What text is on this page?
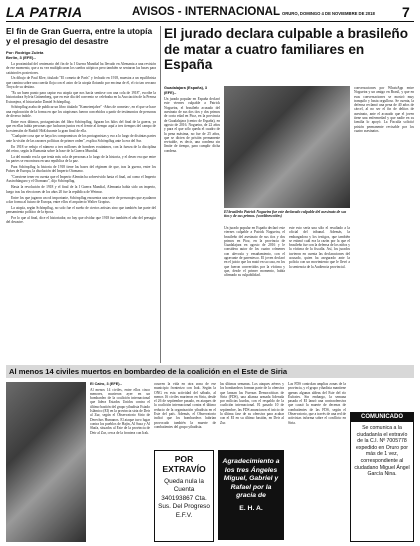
LA PATRIA	AVISOS - INTERNACIONAL ORURO, DOMINGO 4 DE NOVIEMBRE DE 2018 7
El fin de Gran Guerra, entre la utopía y el presagio del desastre
Por: Rodrigo Zuleta
Berlín, 3 (EFE).-

La proximidad del centenario del fin de la I Guerra Mundial ha llevado en Alemania a una revisión de ese momento, que a su vez multiplicaron los sueños utópicos pero también se sentaron las bases para catástrofes posteriores.

Un dibujo de Paul Klee, titulado "El cometa de París" y fechado en 1918, muestra a un equilibrista que camina sobre una cuerda floja con el astro de la utopía flotando por encima de él, el rio tan cercano Troya de su destino.

"Es un buen punto para captar esa utopía que nos hacía sentirse con una cola de 1918", escribe la historiadora Sylvia Grünenberg, que en este día del convento se celebraba en la Asociación de la Prensa Extranjera, el historiador Daniel Schönpflug.

Schönpflug acaba de publicar un libro titulado "Kometenjahre" -Años de cometas-, en el que se hace una exploración de la forma en que los utopismos fueron concebidos a partir de testimonios de personas de diverso índole.

Entre esos últimos, protagonistas del libro Schönpflug, figuran los hilos del final de la guerra, ya que en ellas había personas que lucharon juntos en el frente al tiempo aquí a tres tiempos del campo de la extensión de Rudolf Höß durante la gran final de ella.

"Cualquier cosa que se haya los compromisos de los protagonistas y eso a lo largo de distintas partes ante la visión de las razones políticas de primer orden", explica Schönpflug ante la era del Sur.

En 1918 se redujo el número a tres millones de hombres ecuánimes, con la fuerza de la disciplina del reino, según la Rumania sobre la base de la Guerra Mundial.

La del mundo era la que tenía más cola de personas a lo largo de la historia, y el deseo era que entre las partes se encontrara en una república de la paz.

Para Schönpflug la historia de 1918 tiene las bases del régimen de que, tras la guerra, entre los Países de Europa, la disolución del Imperio Otomano.

"Conviene tener en cuenta que el Imperio Alemán ha sobrevivido hasta el final, así como el Imperio Austrohúngaro y el Otomano", dijo Schönpflug.

Hasta la revolución de 1918 y el final de la I Guerra Mundial, Alemania había sido un imperio, luego tras las elecciones de los años 20 fue la república de Weimar.

Entre los que jugaron un rol importante, Schönpflug encuentra una serie de personajes que ayudaron a dar forma al futuro de Europa, entre ellos el arquitecto Walter Gropius.

La utopía, según Schönpflug, no solo fue el sueño de ciertos artistas sino que también fue parte del pensamiento político de la época.

Por lo que al final, dice el historiador, no hay que olvidar que 1918 fue también el año del presagio del desastre.

El jurado declara culpable a brasileño de matar a cuatro familiares en España
Guadalajara (España), 3 (EFE).-
Un jurado popular en España declaró este viernes culpable a Patrick Nogueira, el brasileño acusado del asesinato de sus dos tíos y dos primos de corta edad en Pioz, en la provincia de Guadalajara (centro de España), en agosto de 2016. Nogueira, de 22 años y para el que sólo queda el cuadro de la pena máxima, no fue de 25 años, que se dicten de prisión permanente revisable, es decir, una condena sin límite de tiempo, para cumplir dicha condena.
El brasileño Patrick Nogueira fue este declarado culpable del asesinato de sus tíos y de sus primos. (worldnewcities)
Un jurado popular en España declaró este viernes culpable a Patrick Nogueira, el brasileño del asesinato de sus tíos y dos primos en Pioz, en la provincia de Guadalajara en agosto de 2016 y le considera autor de los cuatro crímenes con alevosía y ensañamiento, con el agravante de parentesco. El joven declaró en el juicio que los mató en su casa, en los que fueron convertidos por la víctima y que, desde el primer momento, había afirmado su culpabilidad.
este esto sería una sólo el resultado a la oficial del tribunal. Además, la embargadora y los testigos, que también se estimó cuál era la razón por la que el brasileño fue con la defensa de los niños y la víctima de la fiscalía. Así, los jurados tuvieron en cuenta las declaraciones del acusado, quien ha asegurado ante la policía con un movimiento que le llevó a la sentencia de la Audiencia provincial.
conversaciones por WhatsApp entre Nogueira y un amigo en Brasil, y que en esas conversaciones se mostró muy tranquilo y hasta orgulloso. Se cuenta, la defensa reclamó una pena de 40 años de cárcel, al no ser el fin de delitos de asesinato, ante el acusado que el joven tiene una enfermedad y que nadie en su familia lo apoyó. La Fiscalía solicitó prisión permanente revisable por los cuatro asesinatos.
Al menos 14 civiles muertos en bombardeo de la coalición en el Este de Siria
El Cairo, 3 (EFE).-
Al menos 14 civiles, entre ellos cinco menores, murieron ayer en un bombardeo de la coalición internacional que lidera Estados Unidos contra el último bastión del grupo yihadista Estado Islámico (EI) en la provincia siria de Deir al Zur, según el Observatorio Sirio de Derechos Humanos. El ataque tuvo lugar contra los pueblos de Hajin, Al Susa y Al Shafa, situados al Este de la provincia de Deir al Zur, cerca de la frontera con Irak.
ocurren la vida en otra zona de ese municipio fronterizo con Irak. Según la ONG en esta actividad del sábado, al menos 16 civiles murieron en Siria, desde el 26 de septiembre pasado, en ataques de la coalición internacional contra el último reducto de la organización yihadista en el Este del país. Además, el Observatorio indicó que los bombardeos habrían provocado también la muerte de combatientes del grupo yihadista.
las últimas semanas. Los ataques aéreos y los bombardeos forman parte de la ofensiva que lanzan las Fuerzas Democráticas de Siria (FDS), una alianza armada liderada por milicias kurdas, con el respaldo de la coalición internacional. El pasado 10 de septiembre, las FDS anunciaron el inicio de la última fase de su ofensiva para acabar con el EI en su último bastión, en Deir al Zur.
Las FDS controlan amplias zonas de la provincia, y el grupo yihadista mantiene apenas algunas aldeas del Este del río Éufrates. Sin embargo, la semana pasada el EI lanzó una contraofensiva que causó la muerte de decenas de combatientes de las FDS, según el Observatorio, que a través de una red de activistas informa sobre el conflicto en Siria.
POR EXTRAVÍO
Queda nula la Cuenta 340193867 Cta. Sus. Del Progreso E.F.V.
Agradecimiento a los tres Ángeles Miguel, Gabriel y Rafael por la gracia de
E. H. A.
COMUNICADO
Se comunica a la ciudadanía el extravío de la C.I. Nº 7005778 expedido en Oruro por más de 1 vez, correspondiente al ciudadano Miguel Ángel García Nina.
